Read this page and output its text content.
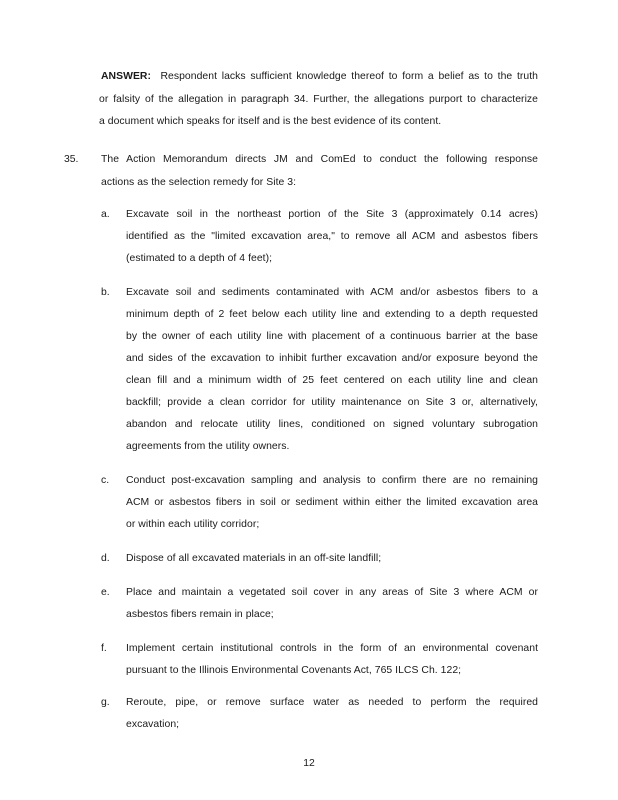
ANSWER: Respondent lacks sufficient knowledge thereof to form a belief as to the truth
or falsity of the allegation in paragraph 34. Further, the allegations purport to characterize
a document which speaks for itself and is the best evidence of its content.
35. The Action Memorandum directs JM and ComEd to conduct the following response
actions as the selection remedy for Site 3:
a. Excavate soil in the northeast portion of the Site 3 (approximately 0.14 acres)
identified as the "limited excavation area," to remove all ACM and asbestos fibers
(estimated to a depth of 4 feet);
b. Excavate soil and sediments contaminated with ACM and/or asbestos fibers to a
minimum depth of 2 feet below each utility line and extending to a depth requested
by the owner of each utility line with placement of a continuous barrier at the base
and sides of the excavation to inhibit further excavation and/or exposure beyond the
clean fill and a minimum width of 25 feet centered on each utility line and clean
backfill; provide a clean corridor for utility maintenance on Site 3 or, alternatively,
abandon and relocate utility lines, conditioned on signed voluntary subrogation
agreements from the utility owners.
c. Conduct post-excavation sampling and analysis to confirm there are no remaining
ACM or asbestos fibers in soil or sediment within either the limited excavation area
or within each utility corridor;
d. Dispose of all excavated materials in an off-site landfill;
e. Place and maintain a vegetated soil cover in any areas of Site 3 where ACM or
asbestos fibers remain in place;
f. Implement certain institutional controls in the form of an environmental covenant
pursuant to the Illinois Environmental Covenants Act, 765 ILCS Ch. 122;
g. Reroute, pipe, or remove surface water as needed to perform the required
excavation;
12
